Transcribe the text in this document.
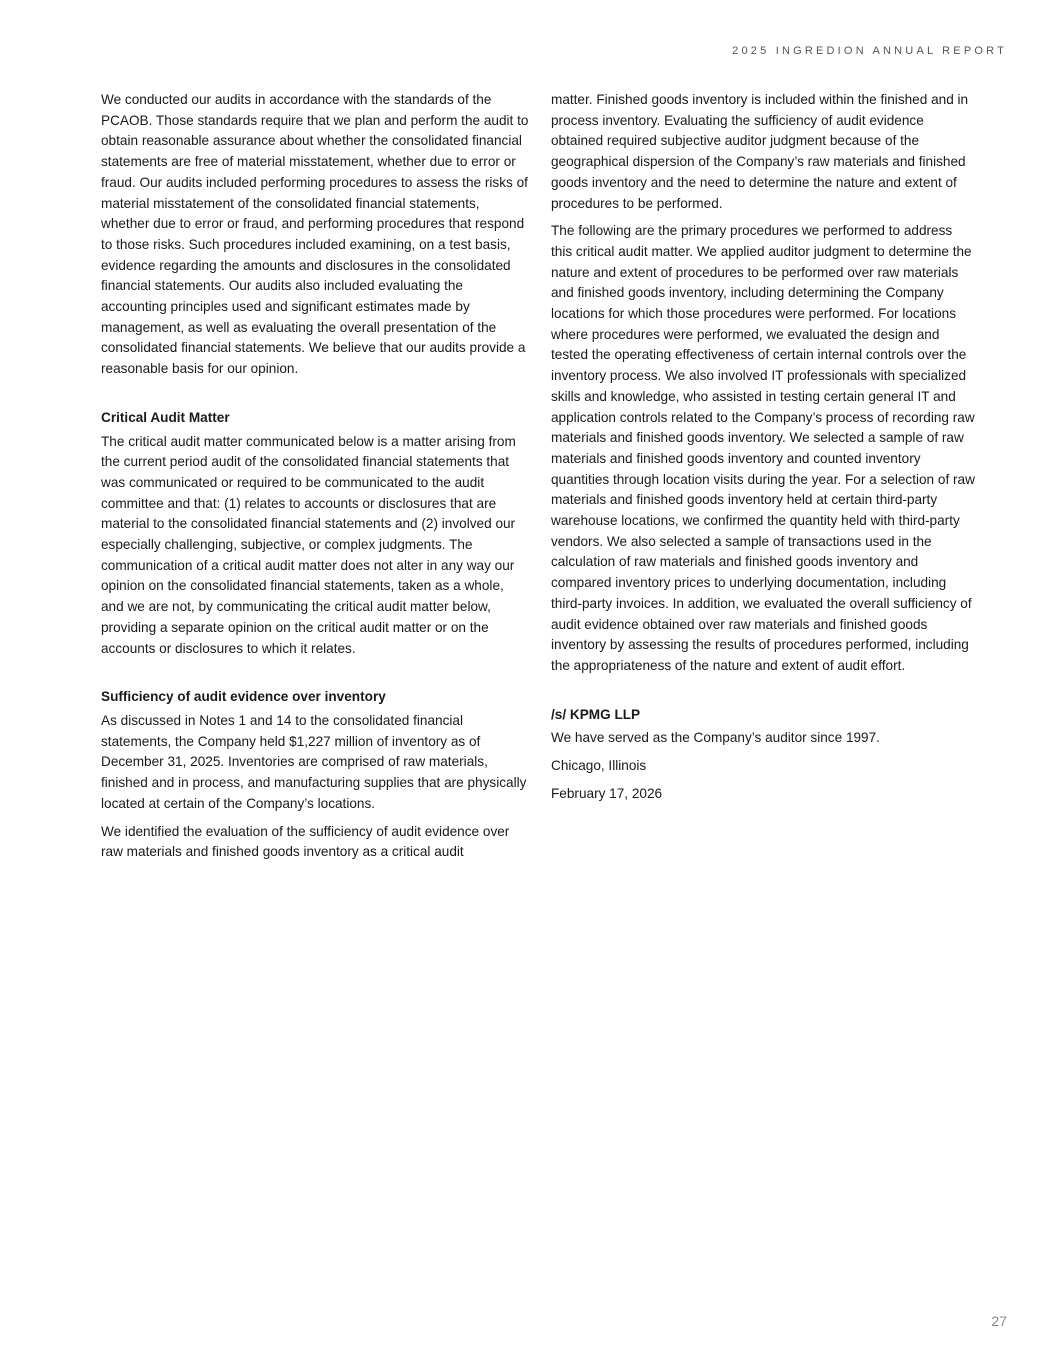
2025 INGREDION ANNUAL REPORT

We conducted our audits in accordance with the standards of the PCAOB. Those standards require that we plan and perform the audit to obtain reasonable assurance about whether the consolidated financial statements are free of material misstatement, whether due to error or fraud. Our audits included performing procedures to assess the risks of material misstatement of the consolidated financial statements, whether due to error or fraud, and performing procedures that respond to those risks. Such procedures included examining, on a test basis, evidence regarding the amounts and disclosures in the consolidated financial statements. Our audits also included evaluating the accounting principles used and significant estimates made by management, as well as evaluating the overall presentation of the consolidated financial statements. We believe that our audits provide a reasonable basis for our opinion.

Critical Audit Matter

The critical audit matter communicated below is a matter arising from the current period audit of the consolidated financial statements that was communicated or required to be communicated to the audit committee and that: (1) relates to accounts or disclosures that are material to the consolidated financial statements and (2) involved our especially challenging, subjective, or complex judgments. The communication of a critical audit matter does not alter in any way our opinion on the consolidated financial statements, taken as a whole, and we are not, by communicating the critical audit matter below, providing a separate opinion on the critical audit matter or on the accounts or disclosures to which it relates.

Sufficiency of audit evidence over inventory

As discussed in Notes 1 and 14 to the consolidated financial statements, the Company held $1,227 million of inventory as of December 31, 2025. Inventories are comprised of raw materials, finished and in process, and manufacturing supplies that are physically located at certain of the Company’s locations.

We identified the evaluation of the sufficiency of audit evidence over raw materials and finished goods inventory as a critical audit

matter. Finished goods inventory is included within the finished and in process inventory. Evaluating the sufficiency of audit evidence obtained required subjective auditor judgment because of the geographical dispersion of the Company’s raw materials and finished goods inventory and the need to determine the nature and extent of procedures to be performed.

The following are the primary procedures we performed to address this critical audit matter. We applied auditor judgment to determine the nature and extent of procedures to be performed over raw materials and finished goods inventory, including determining the Company locations for which those procedures were performed. For locations where procedures were performed, we evaluated the design and tested the operating effectiveness of certain internal controls over the inventory process. We also involved IT professionals with specialized skills and knowledge, who assisted in testing certain general IT and application controls related to the Company’s process of recording raw materials and finished goods inventory. We selected a sample of raw materials and finished goods inventory and counted inventory quantities through location visits during the year. For a selection of raw materials and finished goods inventory held at certain third-party warehouse locations, we confirmed the quantity held with third-party vendors. We also selected a sample of transactions used in the calculation of raw materials and finished goods inventory and compared inventory prices to underlying documentation, including third-party invoices. In addition, we evaluated the overall sufficiency of audit evidence obtained over raw materials and finished goods inventory by assessing the results of procedures performed, including the appropriateness of the nature and extent of audit effort.

/s/ KPMG LLP

We have served as the Company’s auditor since 1997.

Chicago, Illinois

February 17, 2026

27
